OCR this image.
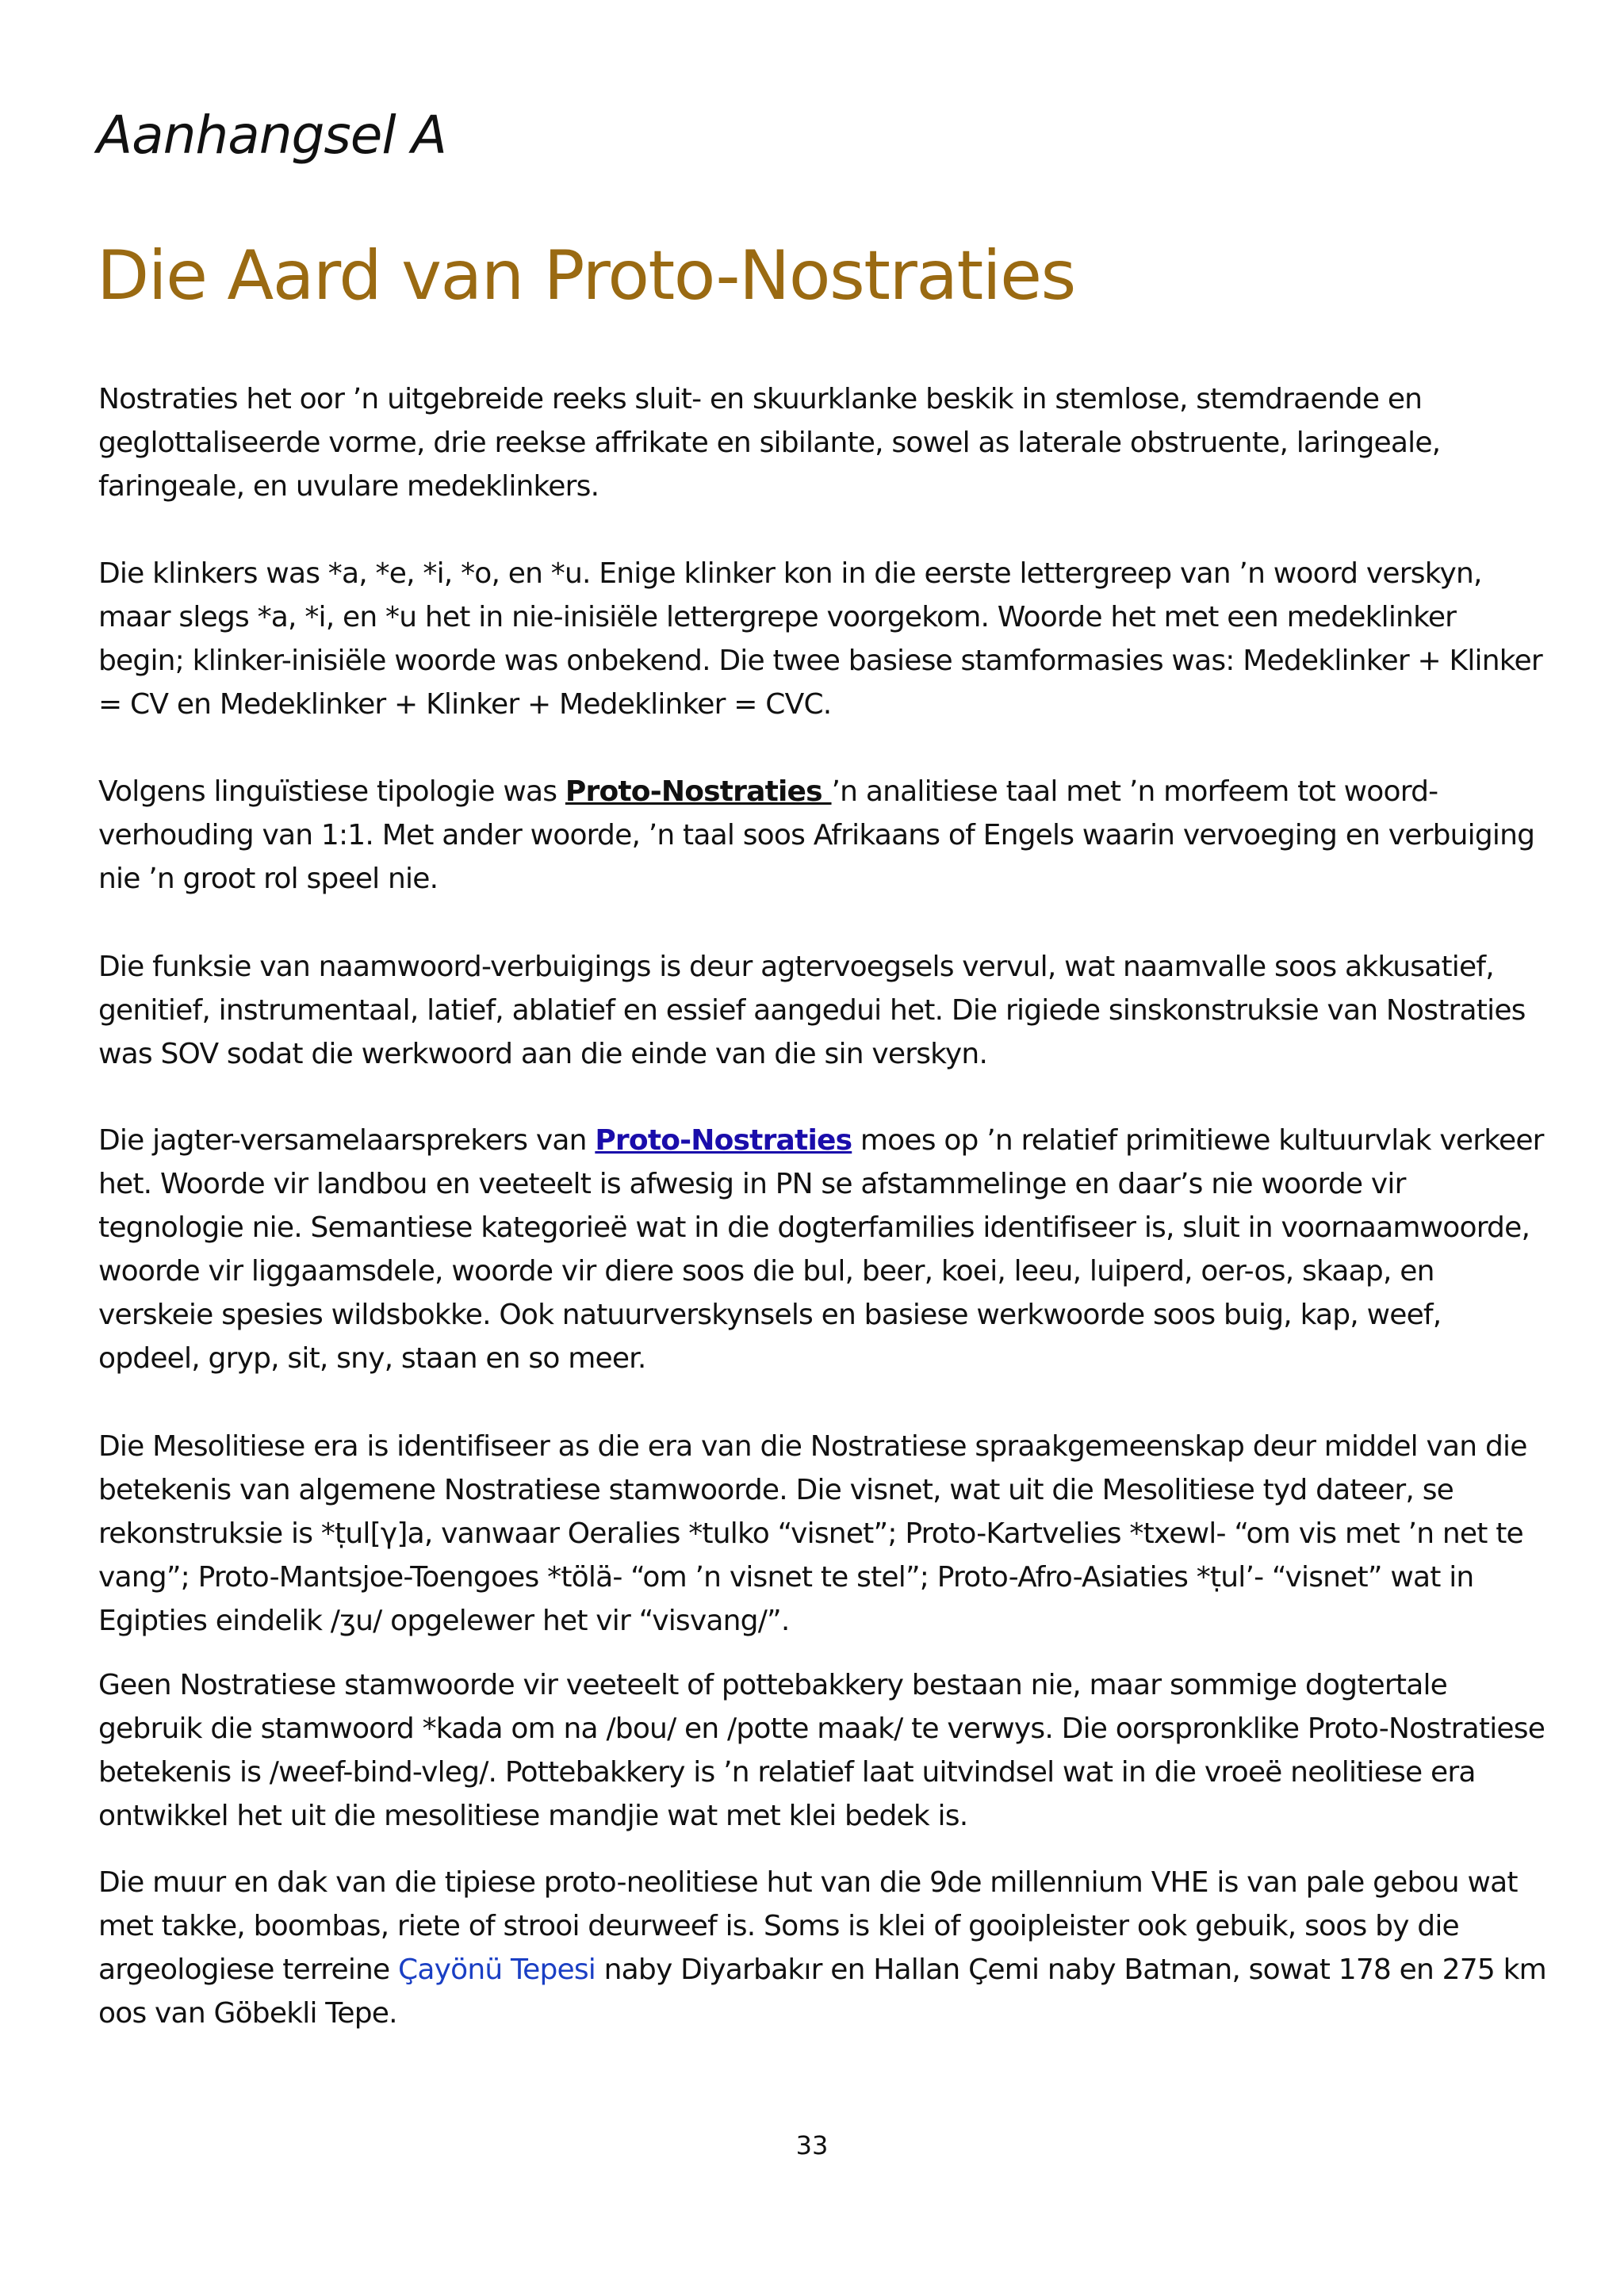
Aanhangsel A
Die Aard van Proto-Nostraties

Nostraties het oor ’n uitgebreide reeks sluit- en skuurklanke beskik in stemlose, stemdraende en geglottaliseerde vorme, drie reekse affrikate en sibilante, sowel as laterale obstruente, laringeale, faringeale, en uvulare medeklinkers.

Die klinkers was *a, *e, *i, *o, en *u. Enige klinker kon in die eerste lettergreep van ’n woord verskyn, maar slegs *a, *i, en *u het in nie-inisiële lettergrepe voorgekom. Woorde het met een medeklinker begin; klinker-inisiële woorde was onbekend. Die twee basiese stamformasies was: Medeklinker + Klinker = CV en Medeklinker + Klinker + Medeklinker = CVC.

Volgens linguïstiese tipologie was Proto-Nostraties ’n analitiese taal met ’n morfeem tot woord-verhouding van 1:1. Met ander woorde, ’n taal soos Afrikaans of Engels waarin vervoeging en verbuiging nie ’n groot rol speel nie.

Die funksie van naamwoord-verbuigings is deur agtervoegsels vervul, wat naamvalle soos akkusatief, genitief, instrumentaal, latief, ablatief en essief aangedui het. Die rigiede sinskonstruksie van Nostraties was SOV sodat die werkwoord aan die einde van die sin verskyn.

Die jagter-versamelaarsprekers van Proto-Nostraties moes op ’n relatief primitiewe kultuurvlak verkeer het. Woorde vir landbou en veeteelt is afwesig in PN se afstammelinge en daar’s nie woorde vir tegnologie nie. Semantiese kategorieë wat in die dogterfamilies identifiseer is, sluit in voornaamwoorde, woorde vir liggaamsdele, woorde vir diere soos die bul, beer, koei, leeu, luiperd, oer-os, skaap, en verskeie spesies wildsbokke. Ook natuurverskynsels en basiese werkwoorde soos buig, kap, weef, opdeel, gryp, sit, sny, staan en so meer.

Die Mesolitiese era is identifiseer as die era van die Nostratiese spraakgemeenskap deur middel van die betekenis van algemene Nostratiese stamwoorde. Die visnet, wat uit die Mesolitiese tyd dateer, se rekonstruksie is *ṭul[γ]a, vanwaar Oeralies *tulko “visnet”; Proto-Kartvelies *txewl- “om vis met ’n net te vang”; Proto-Mantsjoe-Toengoes *tölä- “om ’n visnet te stel”; Proto-Afro-Asiaties *ṭul’- “visnet” wat in Egipties eindelik /ʒu/ opgelewer het vir “visvang/”.

Geen Nostratiese stamwoorde vir veeteelt of pottebakkery bestaan nie, maar sommige dogtertale gebruik die stamwoord *kada om na /bou/ en /potte maak/ te verwys. Die oorspronklike Proto-Nostratiese betekenis is /weef-bind-vleg/. Pottebakkery is ’n relatief laat uitvindsel wat in die vroeë neolitiese era ontwikkel het uit die mesolitiese mandjie wat met klei bedek is.

Die muur en dak van die tipiese proto-neolitiese hut van die 9de millennium VHE is van pale gebou wat met takke, boombas, riete of strooi deurweef is. Soms is klei of gooipleister ook gebuik, soos by die argeologiese terreine Çayönü Tepesi naby Diyarbakır en Hallan Çemi naby Batman, sowat 178 en 275 km oos van Göbekli Tepe.

33
